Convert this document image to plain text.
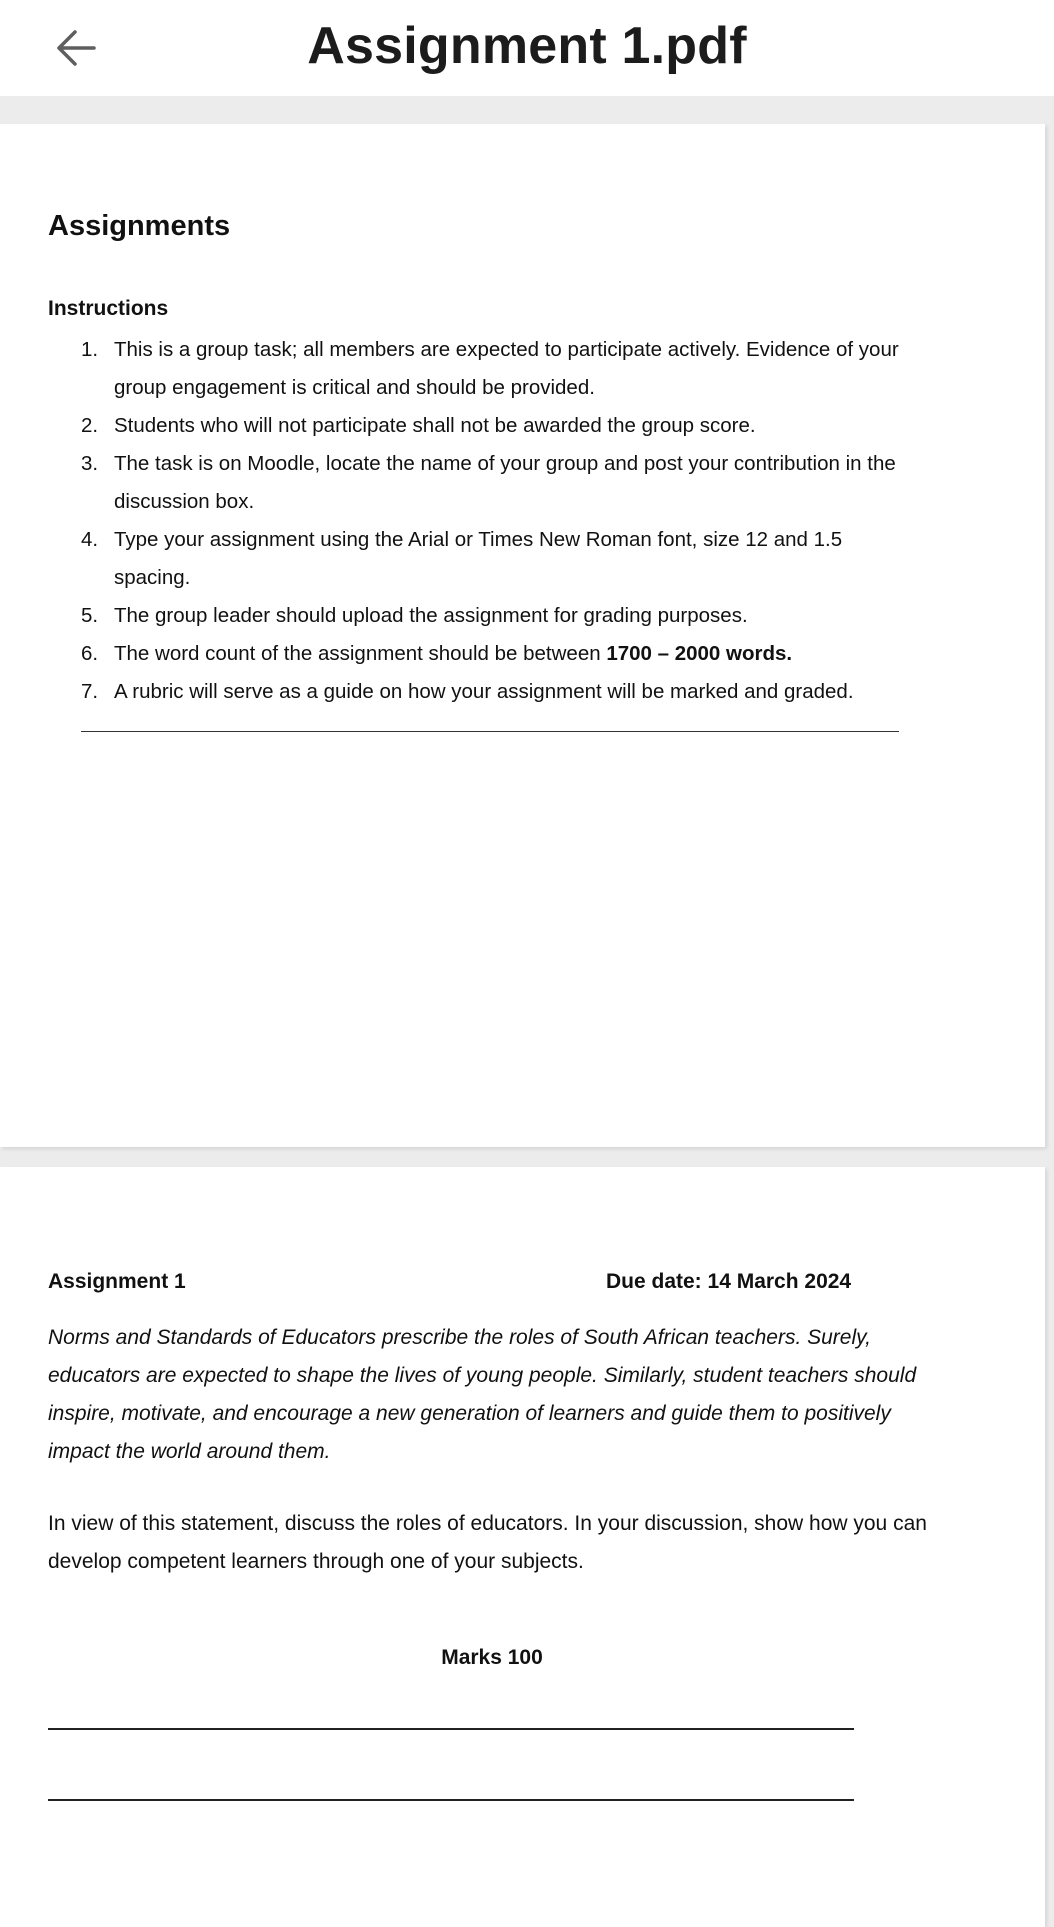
Assignment 1.pdf
Assignments
Instructions
1. This is a group task; all members are expected to participate actively. Evidence of your group engagement is critical and should be provided.
2. Students who will not participate shall not be awarded the group score.
3. The task is on Moodle, locate the name of your group and post your contribution in the discussion box.
4. Type your assignment using the Arial or Times New Roman font, size 12 and 1.5 spacing.
5. The group leader should upload the assignment for grading purposes.
6. The word count of the assignment should be between 1700 – 2000 words.
7. A rubric will serve as a guide on how your assignment will be marked and graded.
Assignment 1	Due date: 14 March 2024
Norms and Standards of Educators prescribe the roles of South African teachers. Surely, educators are expected to shape the lives of young people. Similarly, student teachers should inspire, motivate, and encourage a new generation of learners and guide them to positively impact the world around them.
In view of this statement, discuss the roles of educators. In your discussion, show how you can develop competent learners through one of your subjects.
Marks 100
